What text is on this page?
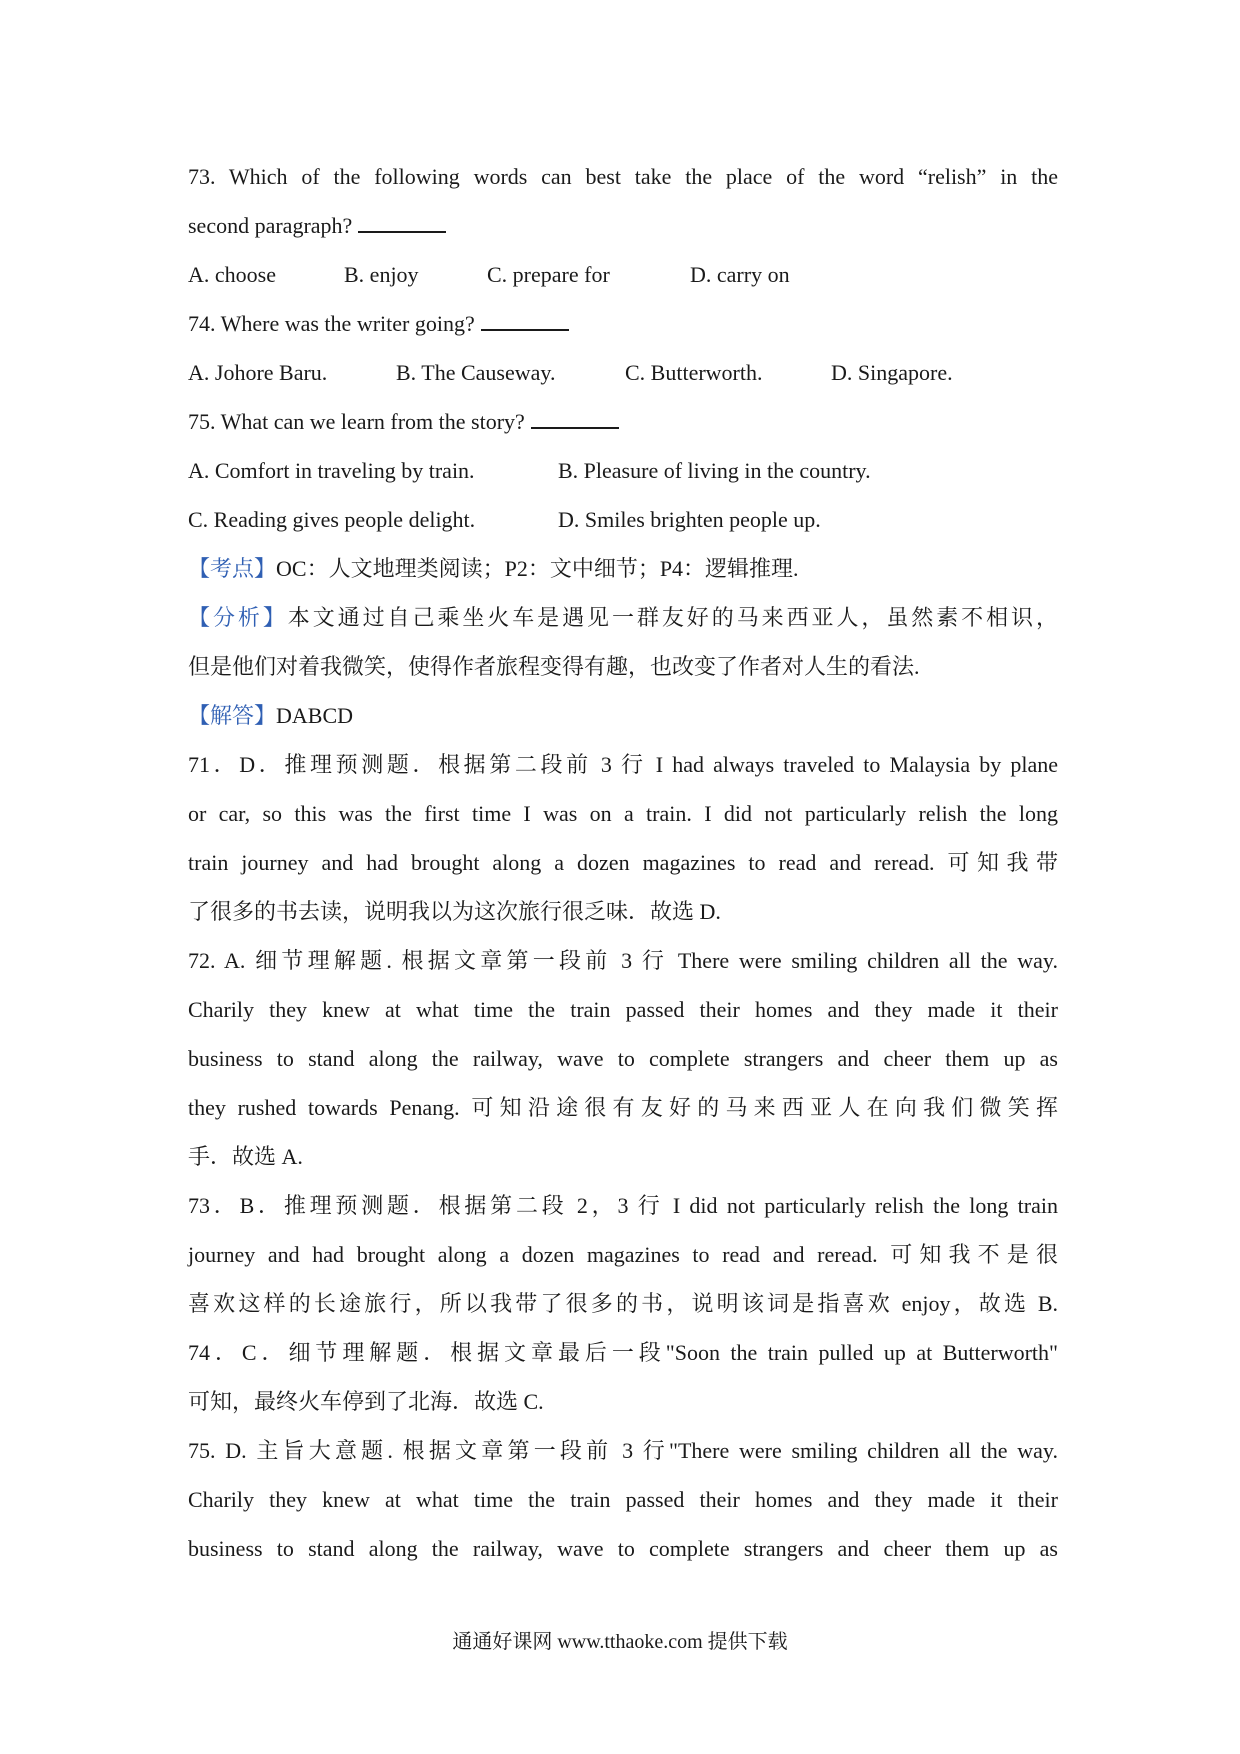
73. Which of the following words can best take the place of the word “relish” in the
second paragraph?
A. choose	B. enjoy	C. prepare for	D. carry on
74. Where was the writer going?
A. Johore Baru.	B. The Causeway.	C. Butterworth.	D. Singapore.
75. What can we learn from the story?
A. Comfort in traveling by train.	B. Pleasure of living in the country.
C. Reading gives people delight.	D. Smiles brighten people up.
【考点】OC：人文地理类阅读；P2：文中细节；P4：逻辑推理.
【分析】本文通过自己乘坐火车是遇见一群友好的马来西亚人，虽然素不相识，
但是他们对着我微笑，使得作者旅程变得有趣，也改变了作者对人生的看法.
【解答】DABCD
71．D．推理预测题．根据第二段前 3 行 I had always traveled to Malaysia by plane
or car, so this was the first time I was on a train. I did not particularly relish the long
train journey and had brought along a dozen magazines to read and reread. 可知我带
了很多的书去读，说明我以为这次旅行很乏味．故选 D.
72. A. 细节理解题. 根据文章第一段前 3 行 There were smiling children all the way.
Charily they knew at what time the train passed their homes and they made it their
business to stand along the railway, wave to complete strangers and cheer them up as
they rushed towards Penang. 可知沿途很有友好的马来西亚人在向我们微笑挥
手．故选 A.
73．B．推理预测题．根据第二段 2，3 行 I did not particularly relish the long train
journey and had brought along a dozen magazines to read and reread. 可知我不是很
喜欢这样的长途旅行，所以我带了很多的书，说明该词是指喜欢 enjoy，故选 B.
74．C．细节理解题．根据文章最后一段"Soon the train pulled up at Butterworth"
可知，最终火车停到了北海．故选 C.
75. D. 主旨大意题. 根据文章第一段前 3 行"There were smiling children all the way.
Charily they knew at what time the train passed their homes and they made it their
business to stand along the railway, wave to complete strangers and cheer them up as
通通好课网 www.tthaoke.com 提供下载
